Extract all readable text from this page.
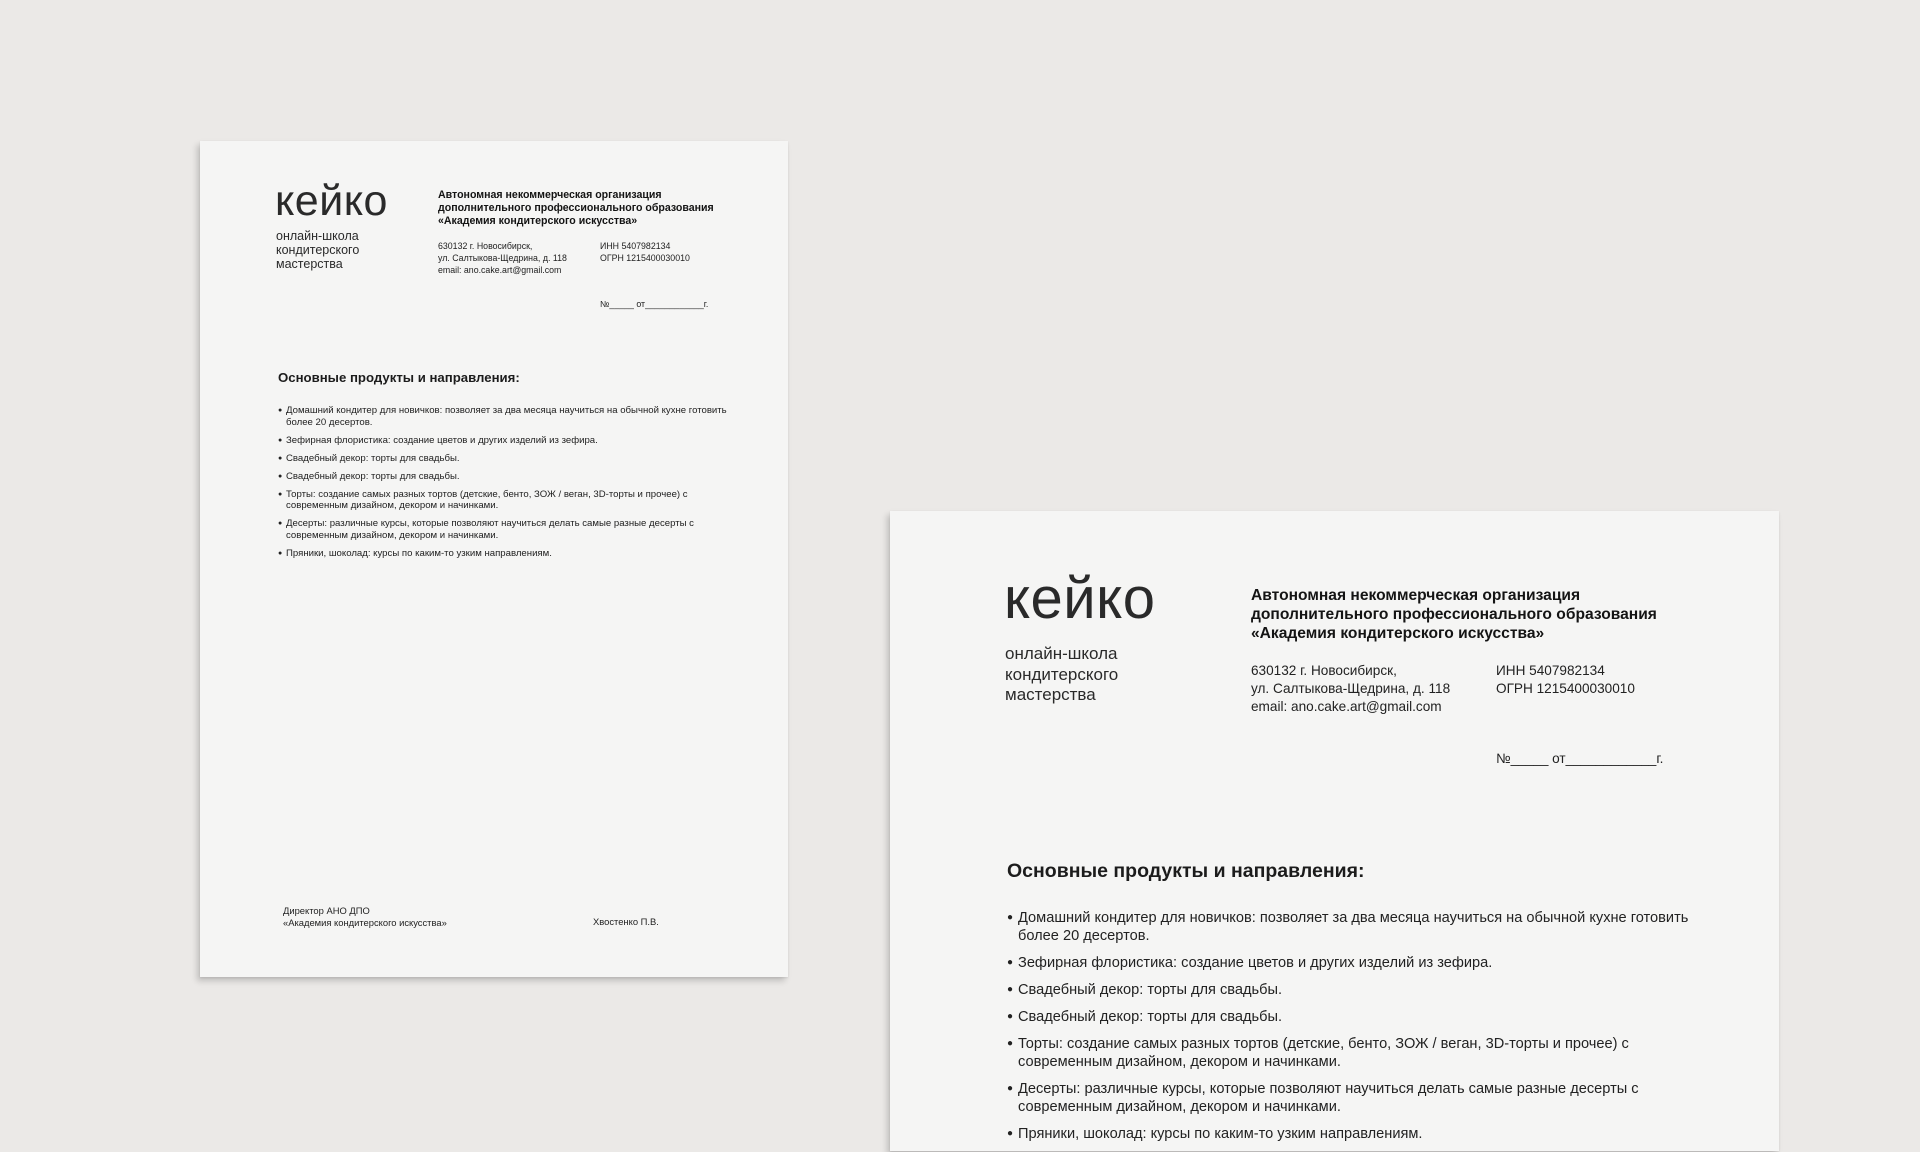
кейко
онлайн-школа
кондитерского
мастерства
Автономная некоммерческая организация
дополнительного профессионального образования
«Академия кондитерского искусства»
630132 г. Новосибирск,
ул. Салтыкова-Щедрина, д. 118
email: ano.cake.art@gmail.com
ИНН 5407982134
ОГРН 1215400030010
№_____ от____________г.
Основные продукты и направления:
● Домашний кондитер для новичков: позволяет за два месяца научиться на обычной кухне готовить более 20 десертов.
● Зефирная флористика: создание цветов и других изделий из зефира.
● Свадебный декор: торты для свадьбы.
● Свадебный декор: торты для свадьбы.
● Торты: создание самых разных тортов (детские, бенто, ЗОЖ / веган, 3D-торты и прочее) с современным дизайном, декором и начинками.
● Десерты: различные курсы, которые позволяют научиться делать самые разные десерты с современным дизайном, декором и начинками.
● Пряники, шоколад: курсы по каким-то узким направлениям.
Директор АНО ДПО
«Академия кондитерского искусства»	Хвостенко П.В.
кейко
онлайн-школа
кондитерского
мастерства
Автономная некоммерческая организация
дополнительного профессионального образования
«Академия кондитерского искусства»
630132 г. Новосибирск,
ул. Салтыкова-Щедрина, д. 118
email: ano.cake.art@gmail.com
ИНН 5407982134
ОГРН 1215400030010
№_____ от____________г.
Основные продукты и направления:
● Домашний кондитер для новичков: позволяет за два месяца научиться на обычной кухне готовить более 20 десертов.
● Зефирная флористика: создание цветов и других изделий из зефира.
● Свадебный декор: торты для свадьбы.
● Свадебный декор: торты для свадьбы.
● Торты: создание самых разных тортов (детские, бенто, ЗОЖ / веган, 3D-торты и прочее) с современным дизайном, декором и начинками.
● Десерты: различные курсы, которые позволяют научиться делать самые разные десерты с современным дизайном, декором и начинками.
● Пряники, шоколад: курсы по каким-то узким направлениям.
